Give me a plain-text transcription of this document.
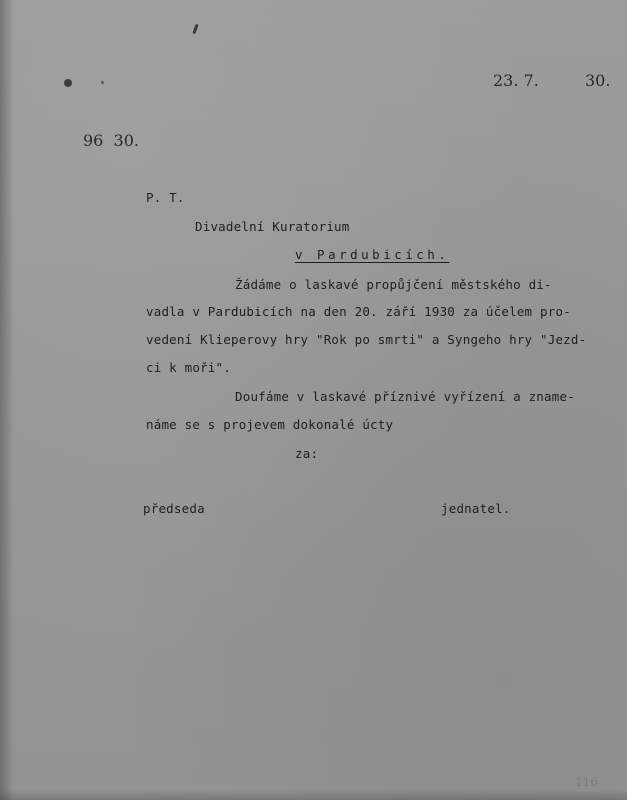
23. 7.	30.
96  30.
P. T.
Divadelní Kuratorium
v Pardubicích.
Žádáme o laskavé propůjčení městského di-
vadla v Pardubicích na den 20. září 1930 za účelem pro-
vedení Klieperovy hry "Rok po smrti" a Syngeho hry "Jezd-
ci k moři".
Doufáme v laskavé příznivé vyřízení a zname-
náme se s projevem dokonalé úcty
za:
předseda	jednatel.
116
